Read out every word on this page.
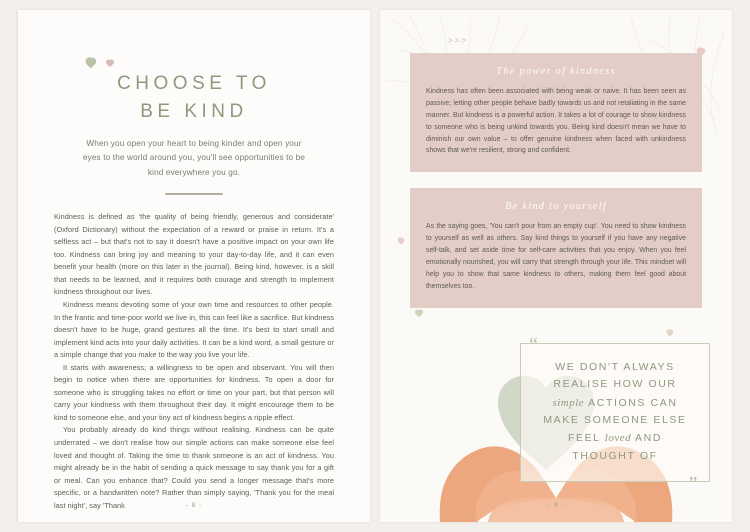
CHOOSE TO
BE KIND
When you open your heart to being kinder and open your eyes to the world around you, you'll see opportunities to be kind everywhere you go.

Kindness is defined as 'the quality of being friendly, generous and considerate' (Oxford Dictionary) without the expectation of a reward or praise in return. It's a selfless act – but that's not to say it doesn't have a positive impact on your own life too. Kindness can bring joy and meaning to your day-to-day life, and it can even benefit your health (more on this later in the journal). Being kind, however, is a skill that needs to be learned, and it requires both courage and strength to implement kindness throughout our lives.

Kindness means devoting some of your own time and resources to other people. In the frantic and time-poor world we live in, this can feel like a sacrifice. But kindness doesn't have to be huge, grand gestures all the time. It's best to start small and implement kind acts into your daily activities. It can be a kind word, a small gesture or a simple change that you make to the way you live your life.

It starts with awareness; a willingness to be open and observant. You will then begin to notice when there are opportunities for kindness. To open a door for someone who is struggling takes no effort or time on your part, but that person will carry your kindness with them throughout their day. It might encourage them to be kind to someone else, and your tiny act of kindness begins a ripple effect.

You probably already do kind things without realising. Kindness can be quite underrated – we don't realise how our simple actions can make someone else feel loved and thought of. Taking the time to thank someone is an act of kindness. You might already be in the habit of sending a quick message to say thank you for a gift or meal. Can you enhance that? Could you send a longer message that's more specific, or a handwritten note? Rather than simply saying, 'Thank you for the meal last night', say 'Thank	- 8 -
>>>
The power of kindness

Kindness has often been associated with being weak or naive. It has been seen as passive; letting other people behave badly towards us and not retaliating in the same manner. But kindness is a powerful action. It takes a lot of courage to show kindness to someone who is being unkind towards you. Being kind doesn't mean we have to diminish our own value – to offer genuine kindness when faced with unkindness shows that we're resilient, strong and confident.

Be kind to yourself

As the saying goes, 'You can't pour from an empty cup'. You need to show kindness to yourself as well as others. Say kind things to yourself if you have any negative self-talk, and set aside time for self-care activities that you enjoy. When you feel emotionally nourished, you will carry that strength through your life. This mindset will help you to show that same kindness to others, making them feel good about themselves too.

“
WE DON'T ALWAYS
REALISE HOW OUR
simple ACTIONS CAN
MAKE SOMEONE ELSE
FEEL loved AND
THOUGHT OF
”
- 9 -
